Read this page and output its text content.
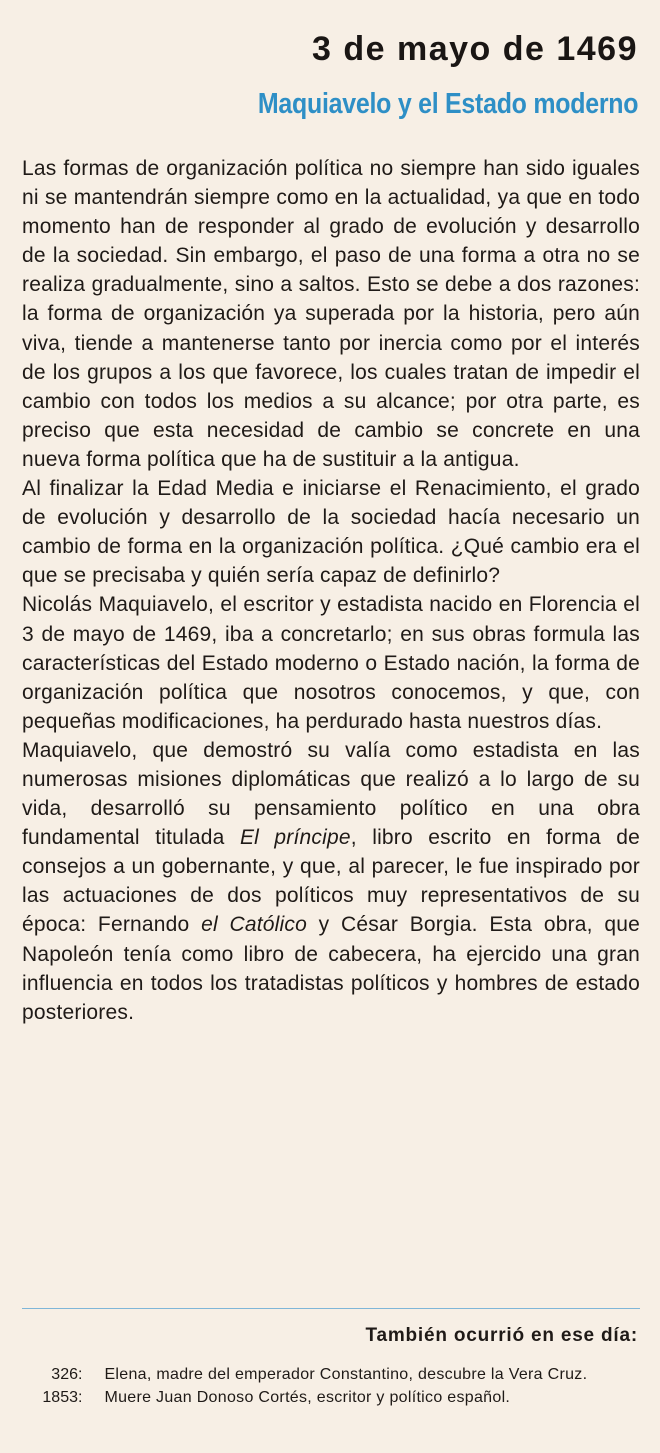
3 de mayo de 1469
Maquiavelo y el Estado moderno

Las formas de organización política no siempre han sido iguales ni se mantendrán siempre como en la actualidad, ya que en todo momento han de responder al grado de evolución y desarrollo de la sociedad. Sin embargo, el paso de una forma a otra no se realiza gradualmente, sino a saltos. Esto se debe a dos razones: la forma de organización ya superada por la historia, pero aún viva, tiende a mantenerse tanto por inercia como por el interés de los grupos a los que favorece, los cuales tratan de impedir el cambio con todos los medios a su alcance; por otra parte, es preciso que esta necesidad de cambio se concrete en una nueva forma política que ha de sustituir a la antigua.

Al finalizar la Edad Media e iniciarse el Renacimiento, el grado de evolución y desarrollo de la sociedad hacía necesario un cambio de forma en la organización política. ¿Qué cambio era el que se precisaba y quién sería capaz de definirlo?

Nicolás Maquiavelo, el escritor y estadista nacido en Florencia el 3 de mayo de 1469, iba a concretarlo; en sus obras formula las características del Estado moderno o Estado nación, la forma de organización política que nosotros conocemos, y que, con pequeñas modificaciones, ha perdurado hasta nuestros días.

Maquiavelo, que demostró su valía como estadista en las numerosas misiones diplomáticas que realizó a lo largo de su vida, desarrolló su pensamiento político en una obra fundamental titulada El príncipe, libro escrito en forma de consejos a un gobernante, y que, al parecer, le fue inspirado por las actuaciones de dos políticos muy representativos de su época: Fernando el Católico y César Borgia. Esta obra, que Napoleón tenía como libro de cabecera, ha ejercido una gran influencia en todos los tratadistas políticos y hombres de estado posteriores.

También ocurrió en ese día:
326 : Elena, madre del emperador Constantino, descubre la Vera Cruz.
1853 : Muere Juan Donoso Cortés, escritor y político español.
